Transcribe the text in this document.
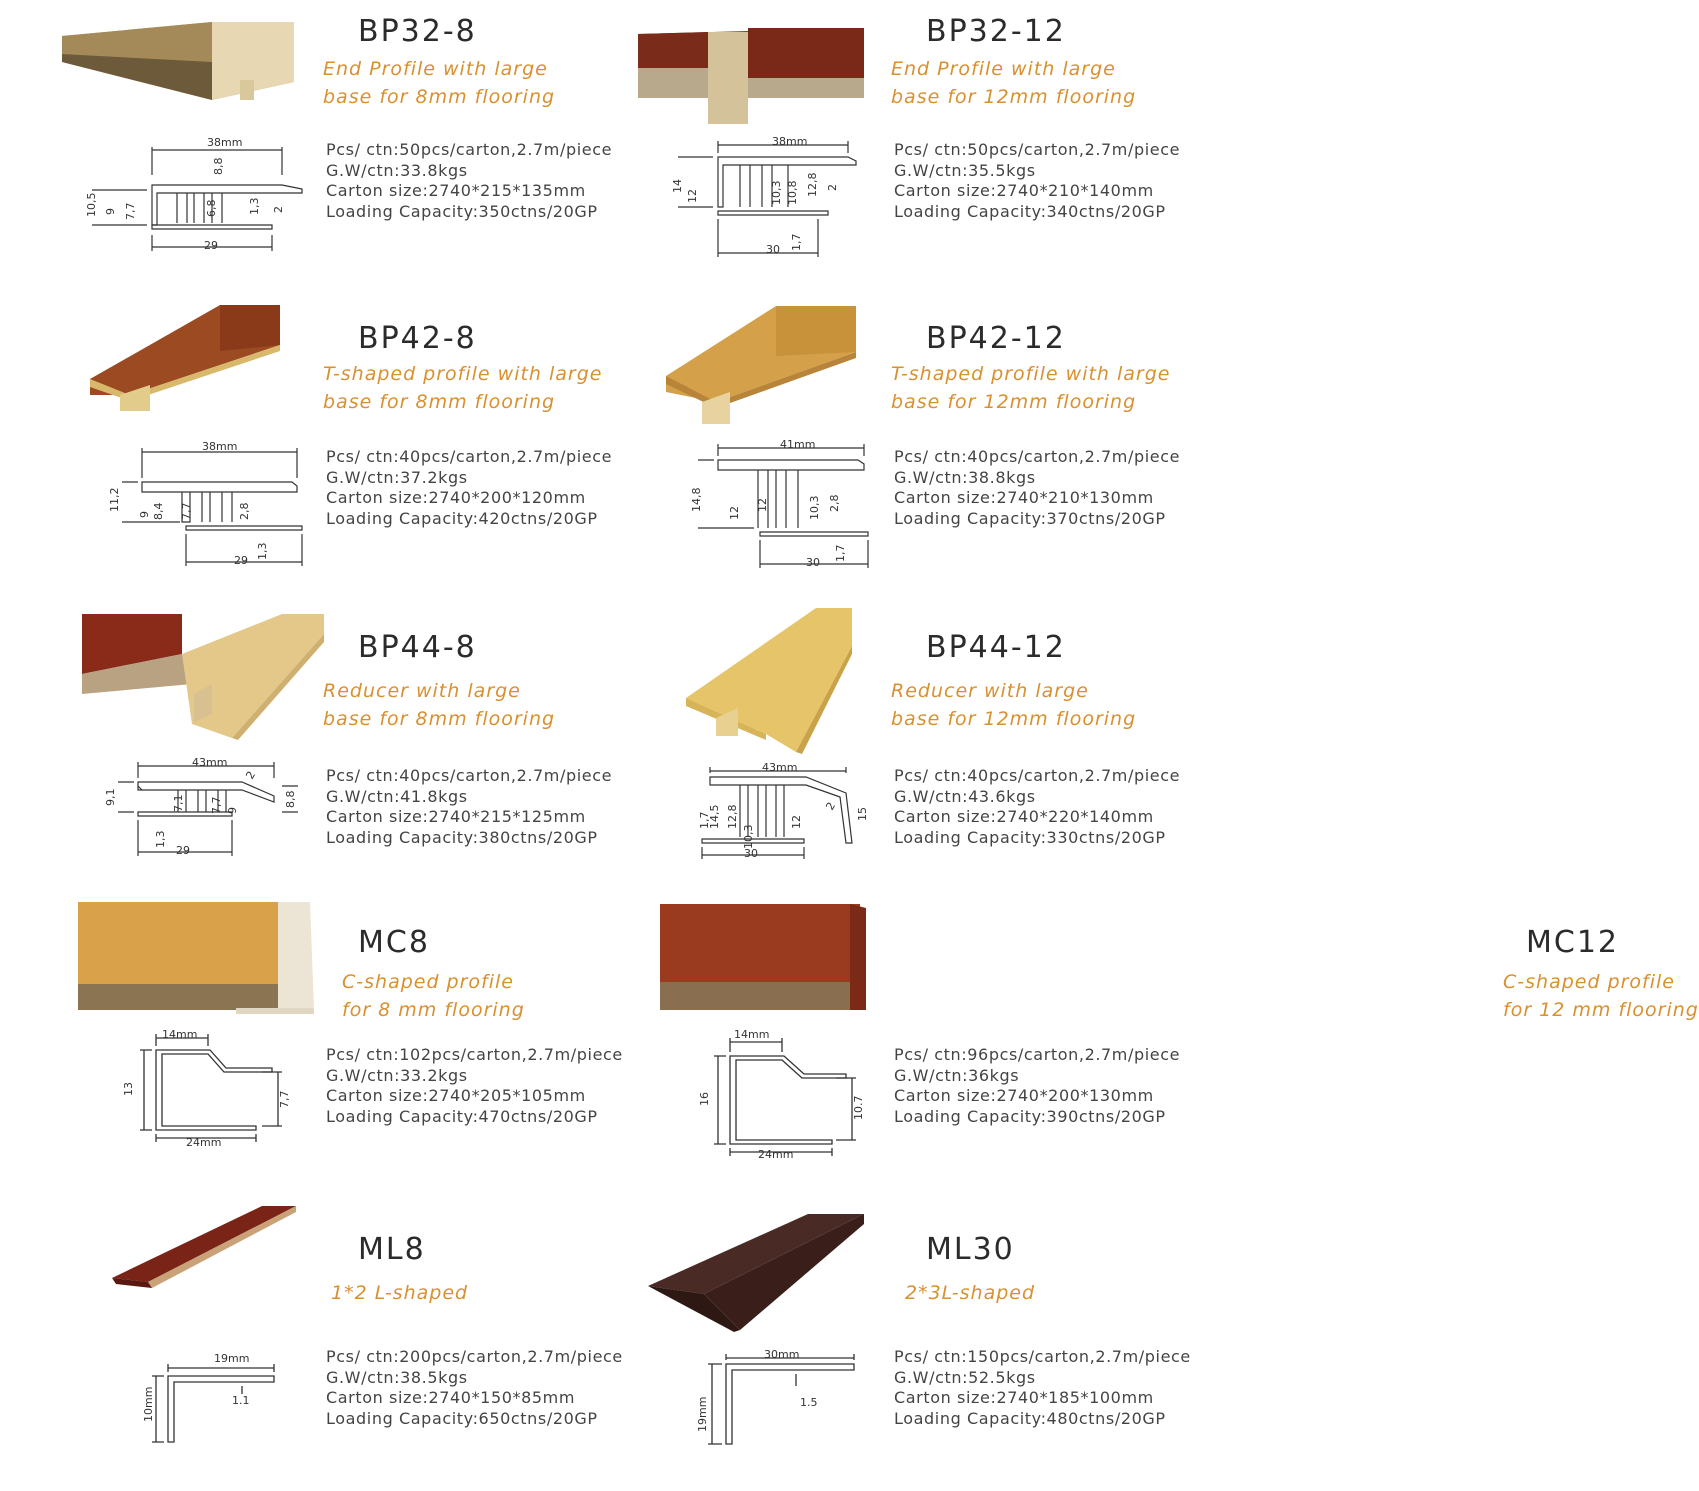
BP32-8
End Profile with large
base for 8mm flooring
38mm
8,8
10,5 9 7,7	6,8	1,3 2
29
Pcs/ ctn:50pcs/carton,2.7m/piece
G.W/ctn:33.8kgs
Carton size:2740*215*135mm
Loading Capacity:350ctns/20GP
BP32-12
End Profile with large
base for 12mm flooring
38mm
14
12	10,3 10,8 12,8 2
1,7
30
Pcs/ ctn:50pcs/carton,2.7m/piece
G.W/ctn:35.5kgs
Carton size:2740*210*140mm
Loading Capacity:340ctns/20GP
BP42-8
T-shaped profile with large
base for 8mm flooring
38mm
11,2
9 8,4 7,7	2,8
1,3
29
Pcs/ ctn:40pcs/carton,2.7m/piece
G.W/ctn:37.2kgs
Carton size:2740*200*120mm
Loading Capacity:420ctns/20GP
BP42-12
T-shaped profile with large
base for 12mm flooring
41mm
14,8
12
12	10,3 2,8
1,7
30
Pcs/ ctn:40pcs/carton,2.7m/piece
G.W/ctn:38.8kgs
Carton size:2740*210*130mm
Loading Capacity:370ctns/20GP
BP44-8
Reducer with large
base for 8mm flooring
43mm
9,1	7,1 7,7 9
8,8
1,3
2
29
Pcs/ ctn:40pcs/carton,2.7m/piece
G.W/ctn:41.8kgs
Carton size:2740*215*125mm
Loading Capacity:380ctns/20GP
BP44-12
Reducer with large
base for 12mm flooring
43mm
14,5
1,7 12,8
10,3
12
15
2
30
Pcs/ ctn:40pcs/carton,2.7m/piece
G.W/ctn:43.6kgs
Carton size:2740*220*140mm
Loading Capacity:330ctns/20GP
MC8
C-shaped profile
for 8 mm flooring
14mm
13
7,7
24mm
Pcs/ ctn:102pcs/carton,2.7m/piece
G.W/ctn:33.2kgs
Carton size:2740*205*105mm
Loading Capacity:470ctns/20GP
MC12
C-shaped profile
for 12 mm flooring
14mm
16	10.7
24mm
Pcs/ ctn:96pcs/carton,2.7m/piece
G.W/ctn:36kgs
Carton size:2740*200*130mm
Loading Capacity:390ctns/20GP
ML8
1*2 L-shaped
19mm
10mm	1.1
Pcs/ ctn:200pcs/carton,2.7m/piece
G.W/ctn:38.5kgs
Carton size:2740*150*85mm
Loading Capacity:650ctns/20GP
ML30
2*3L-shaped
30mm
19mm	1.5
Pcs/ ctn:150pcs/carton,2.7m/piece
G.W/ctn:52.5kgs
Carton size:2740*185*100mm
Loading Capacity:480ctns/20GP
